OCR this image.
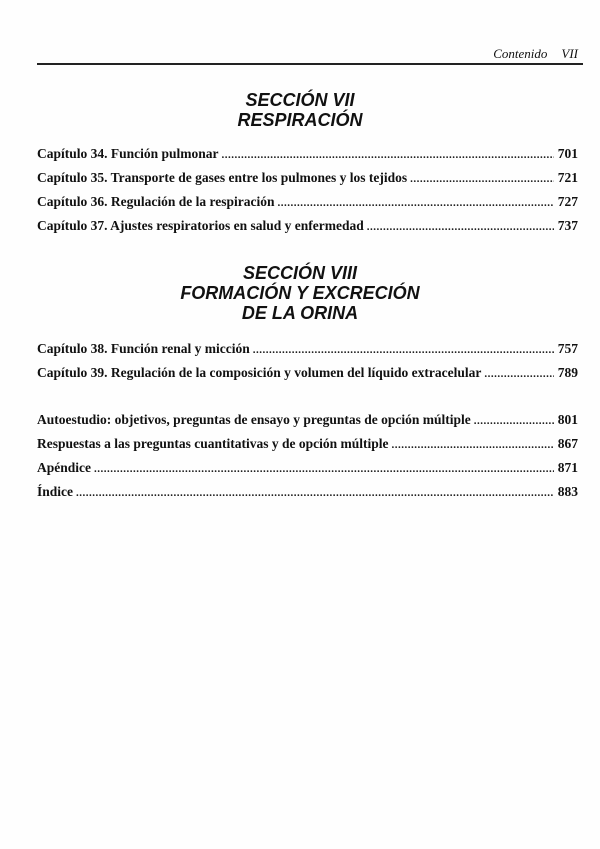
Contenido VII
SECCIÓN VII
RESPIRACIÓN
Capítulo 34. Función pulmonar .....	701
Capítulo 35. Transporte de gases entre los pulmones y los tejidos .....	721
Capítulo 36. Regulación de la respiración .....	727
Capítulo 37. Ajustes respiratorios en salud y enfermedad .....	737
SECCIÓN VIII
FORMACIÓN Y EXCRECIÓN
DE LA ORINA
Capítulo 38. Función renal y micción .....	757
Capítulo 39. Regulación de la composición y volumen del líquido extracelular .....	789
Autoestudio: objetivos, preguntas de ensayo y preguntas de opción múltiple .....	801
Respuestas a las preguntas cuantitativas y de opción múltiple .....	867
Apéndice .....	871
Índice .....	883
